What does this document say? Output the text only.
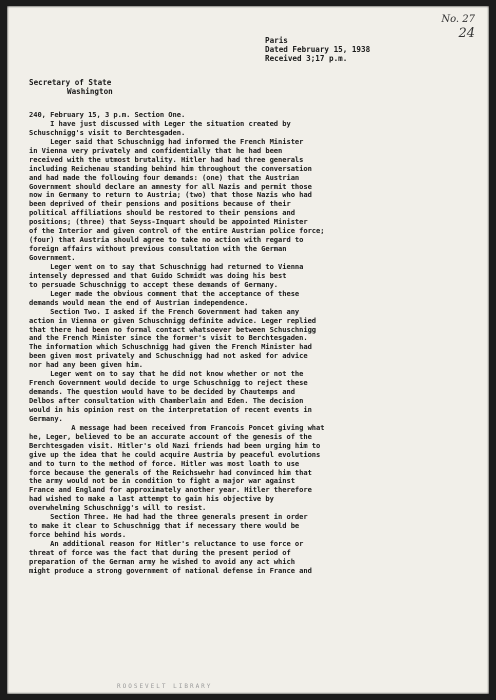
No. 27
24
Paris
Dated February 15, 1938
Received 3;17 p.m.
Secretary of State
Washington
240, February 15, 3 p.m. Section One.
I have just discussed with Leger the situation created by
Schuschnigg's visit to Berchtesgaden.
Leger said that Schuschnigg had informed the French Minister
in Vienna very privately and confidentially that he had been
received with the utmost brutality. Hitler had had three generals
including Reichenau standing behind him throughout the conversation
and had made the following four demands: (one) that the Austrian
Government should declare an amnesty for all Nazis and permit those
now in Germany to return to Austria; (two) that those Nazis who had
been deprived of their pensions and positions because of their
political affiliations should be restored to their pensions and
positions; (three) that Seyss-Inquart should be appointed Minister
of the Interior and given control of the entire Austrian police force;
(four) that Austria should agree to take no action with regard to
foreign affairs without previous consultation with the German
Government.
Leger went on to say that Schuschnigg had returned to Vienna
intensely depressed and that Guido Schmidt was doing his best
to persuade Schuschnigg to accept these demands of Germany.
Leger made the obvious comment that the acceptance of these
demands would mean the end of Austrian independence.
Section Two. I asked if the French Government had taken any
action in Vienna or given Schuschnigg definite advice. Leger replied
that there had been no formal contact whatsoever between Schuschnigg
and the French Minister since the former's visit to Berchtesgaden.
The information which Schuschnigg had given the French Minister had
been given most privately and Schuschnigg had not asked for advice
nor had any been given him.
Leger went on to say that he did not know whether or not the
French Government would decide to urge Schuschnigg to reject these
demands. The question would have to be decided by Chautemps and
Delbos after consultation with Chamberlain and Eden. The decision
would in his opinion rest on the interpretation of recent events in
Germany.
A message had been received from Francois Poncet giving what
he, Leger, believed to be an accurate account of the genesis of the
Berchtesgaden visit. Hitler's old Nazi friends had been urging him to
give up the idea that he could acquire Austria by peaceful evolutions
and to turn to the method of force. Hitler was most loath to use
force because the generals of the Reichswehr had convinced him that
the army would not be in condition to fight a major war against
France and England for approximately another year. Hitler therefore
had wished to make a last attempt to gain his objective by
overwhelming Schuschnigg's will to resist.
Section Three. He had had the three generals present in order
to make it clear to Schuschnigg that if necessary there would be
force behind his words.
An additional reason for Hitler's reluctance to use force or
threat of force was the fact that during the present period of
preparation of the German army he wished to avoid any act which
might produce a strong government of national defense in France and
ROOSEVELT LIBRARY
